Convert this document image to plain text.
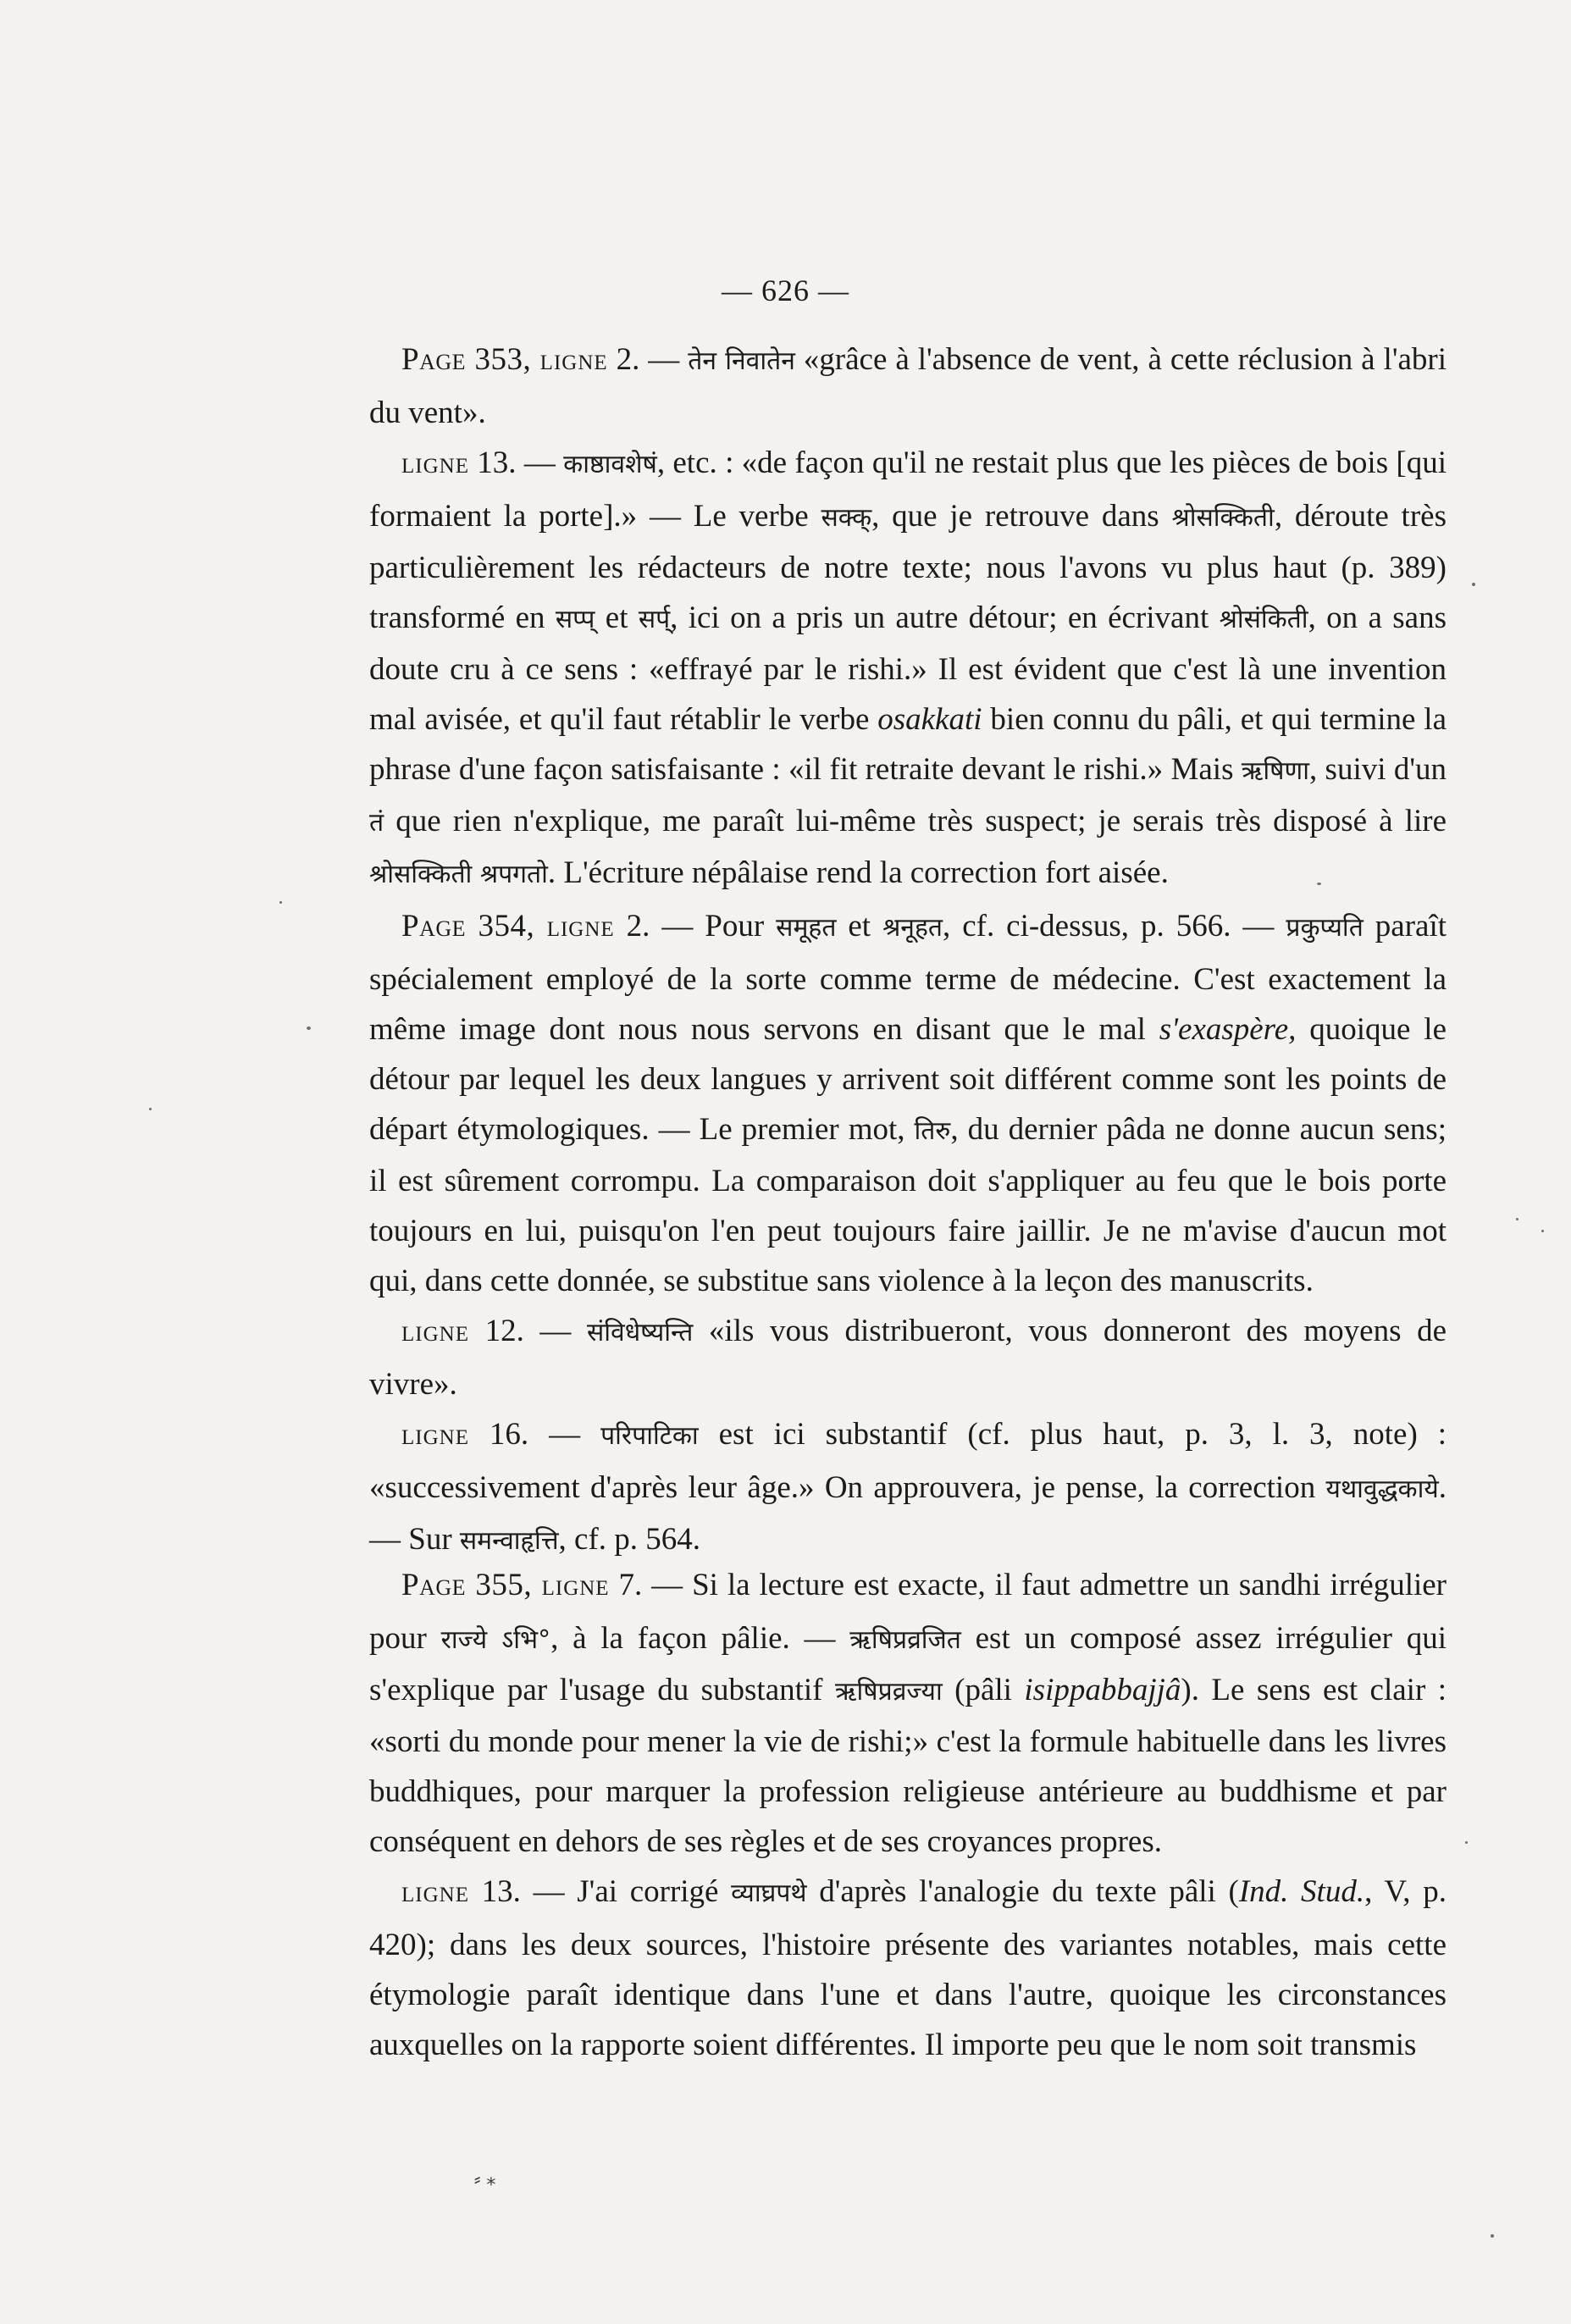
— 626 —

Page 353, LIGNE 2. — तेन निवातेन «grâce à l'absence de vent, à cette réclusion à l'abri du vent».

LIGNE 13. — काष्ठावशेषं, etc. : «de façon qu'il ne restait plus que les pièces de bois [qui formaient la porte].» — Le verbe सक्क्, que je retrouve dans श्रोसक्किती, déroute très particulièrement les rédacteurs de notre texte; nous l'avons vu plus haut (p. 389) transformé en सप्प् et सर्प्, ici on a pris un autre détour; en écrivant श्रोसंकिती, on a sans doute cru à ce sens : «effrayé par le rishi.» Il est évident que c'est là une invention mal avisée, et qu'il faut rétablir le verbe osakkati bien connu du pâli, et qui termine la phrase d'une façon satisfaisante : «il fit retraite devant le rishi.» Mais ऋषिणा, suivi d'un तं que rien n'explique, me paraît lui-même très suspect; je serais très disposé à lire श्रोसक्किती श्रपगतो. L'écriture népâlaise rend la correction fort aisée.

Page 354, LIGNE 2. — Pour समूहत et श्रनूहत, cf. ci-dessus, p. 566. — प्रकुप्यति paraît spécialement employé de la sorte comme terme de médecine. C'est exactement la même image dont nous nous servons en disant que le mal s'exaspère, quoique le détour par lequel les deux langues y arrivent soit différent comme sont les points de départ étymologiques. — Le premier mot, तिरु, du dernier pâda ne donne aucun sens; il est sûrement corrompu. La comparaison doit s'appliquer au feu que le bois porte toujours en lui, puisqu'on l'en peut toujours faire jaillir. Je ne m'avise d'aucun mot qui, dans cette donnée, se substitue sans violence à la leçon des manuscrits.

LIGNE 12. — संविधेष्यन्ति «ils vous distribueront, vous donneront des moyens de vivre».

LIGNE 16. — परिपाटिका est ici substantif (cf. plus haut, p. 3, l. 3, note) : «successivement d'après leur âge.» On approuvera, je pense, la correction यथावुद्धकाये. — Sur समन्वाहृत्ति, cf. p. 564.

Page 355, LIGNE 7. — Si la lecture est exacte, il faut admettre un sandhi irrégulier pour राज्ये ऽभि°, à la façon pâlie. — ऋषिप्रव्रजित est un composé assez irrégulier qui s'explique par l'usage du substantif ऋषिप्रव्रज्या (pâli isippabbajjâ). Le sens est clair : «sorti du monde pour mener la vie de rishi;» c'est la formule habituelle dans les livres buddhiques, pour marquer la profession religieuse antérieure au buddhisme et par conséquent en dehors de ses règles et de ses croyances propres.

LIGNE 13. — J'ai corrigé व्याघ्रपथे d'après l'analogie du texte pâli (Ind. Stud., V, p. 420); dans les deux sources, l'histoire présente des variantes notables, mais cette étymologie paraît identique dans l'une et dans l'autre, quoique les circonstances auxquelles on la rapporte soient différentes. Il importe peu que le nom soit transmis

⸗ ⁎
